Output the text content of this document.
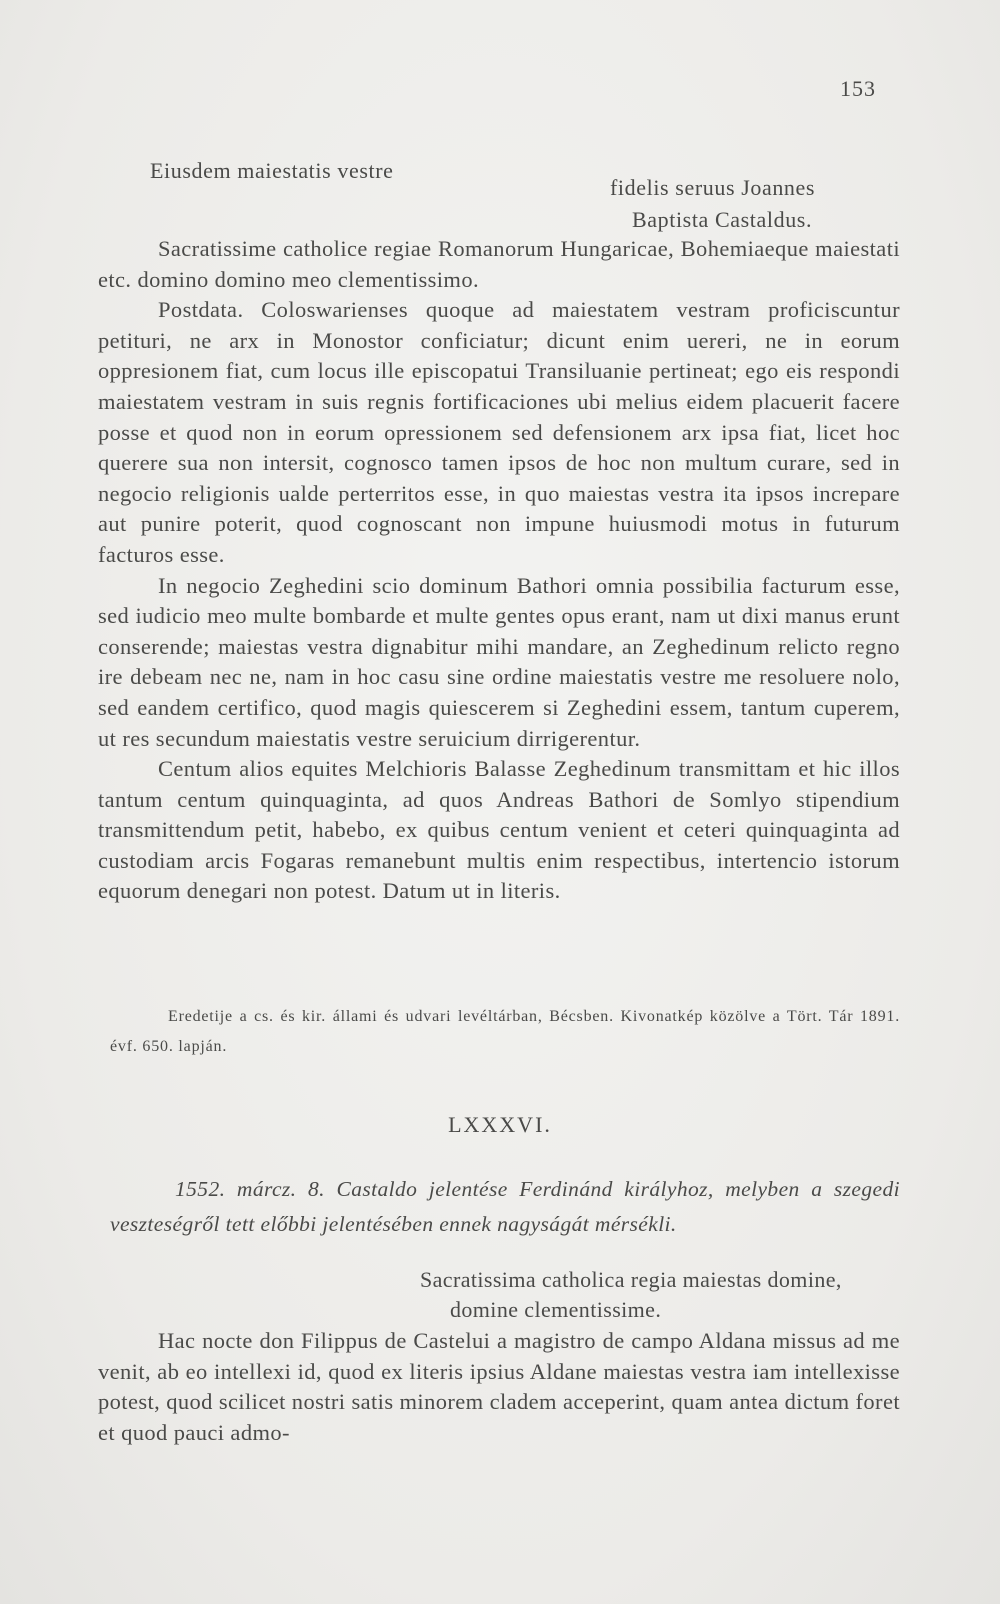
153
Eiusdem maiestatis vestre
fidelis seruus Joannes
Baptista Castaldus.

Sacratissime catholice regiae Romanorum Hungaricae, Bohemiaeque maiestati etc. domino domino meo clementissimo.

Postdata. Coloswarienses quoque ad maiestatem vestram proficiscuntur petituri, ne arx in Monostor conficiatur; dicunt enim uereri, ne in eorum oppresionem fiat, cum locus ille episcopatui Transiluanie pertineat; ego eis respondi maiestatem vestram in suis regnis fortificaciones ubi melius eidem placuerit facere posse et quod non in eorum opressionem sed defensionem arx ipsa fiat, licet hoc querere sua non intersit, cognosco tamen ipsos de hoc non multum curare, sed in negocio religionis ualde perterritos esse, in quo maiestas vestra ita ipsos increpare aut punire poterit, quod cognoscant non impune huiusmodi motus in futurum facturos esse.

In negocio Zeghedini scio dominum Bathori omnia possibilia facturum esse, sed iudicio meo multe bombarde et multe gentes opus erant, nam ut dixi manus erunt conserende; maiestas vestra dignabitur mihi mandare, an Zeghedinum relicto regno ire debeam nec ne, nam in hoc casu sine ordine maiestatis vestre me resoluere nolo, sed eandem certifico, quod magis quiescerem si Zeghedini essem, tantum cuperem, ut res secundum maiestatis vestre seruicium dirrigerentur.

Centum alios equites Melchioris Balasse Zeghedinum transmittam et hic illos tantum centum quinquaginta, ad quos Andreas Bathori de Somlyo stipendium transmittendum petit, habebo, ex quibus centum venient et ceteri quinquaginta ad custodiam arcis Fogaras remanebunt multis enim respectibus, intertencio istorum equorum denegari non potest. Datum ut in literis.

Eredetije a cs. és kir. állami és udvari levéltárban, Bécsben. Kivonatkép közölve a Tört. Tár 1891. évf. 650. lapján.
LXXXVI.
1552. márcz. 8. Castaldo jelentése Ferdinánd királyhoz, melyben a szegedi veszteségről tett előbbi jelentésében ennek nagyságát mérsékli.
Sacratissima catholica regia maiestas domine,
domine clementissime.

Hac nocte don Filippus de Castelui a magistro de campo Aldana missus ad me venit, ab eo intellexi id, quod ex literis ipsius Aldane maiestas vestra iam intellexisse potest, quod scilicet nostri satis minorem cladem acceperint, quam antea dictum foret et quod pauci admo-
